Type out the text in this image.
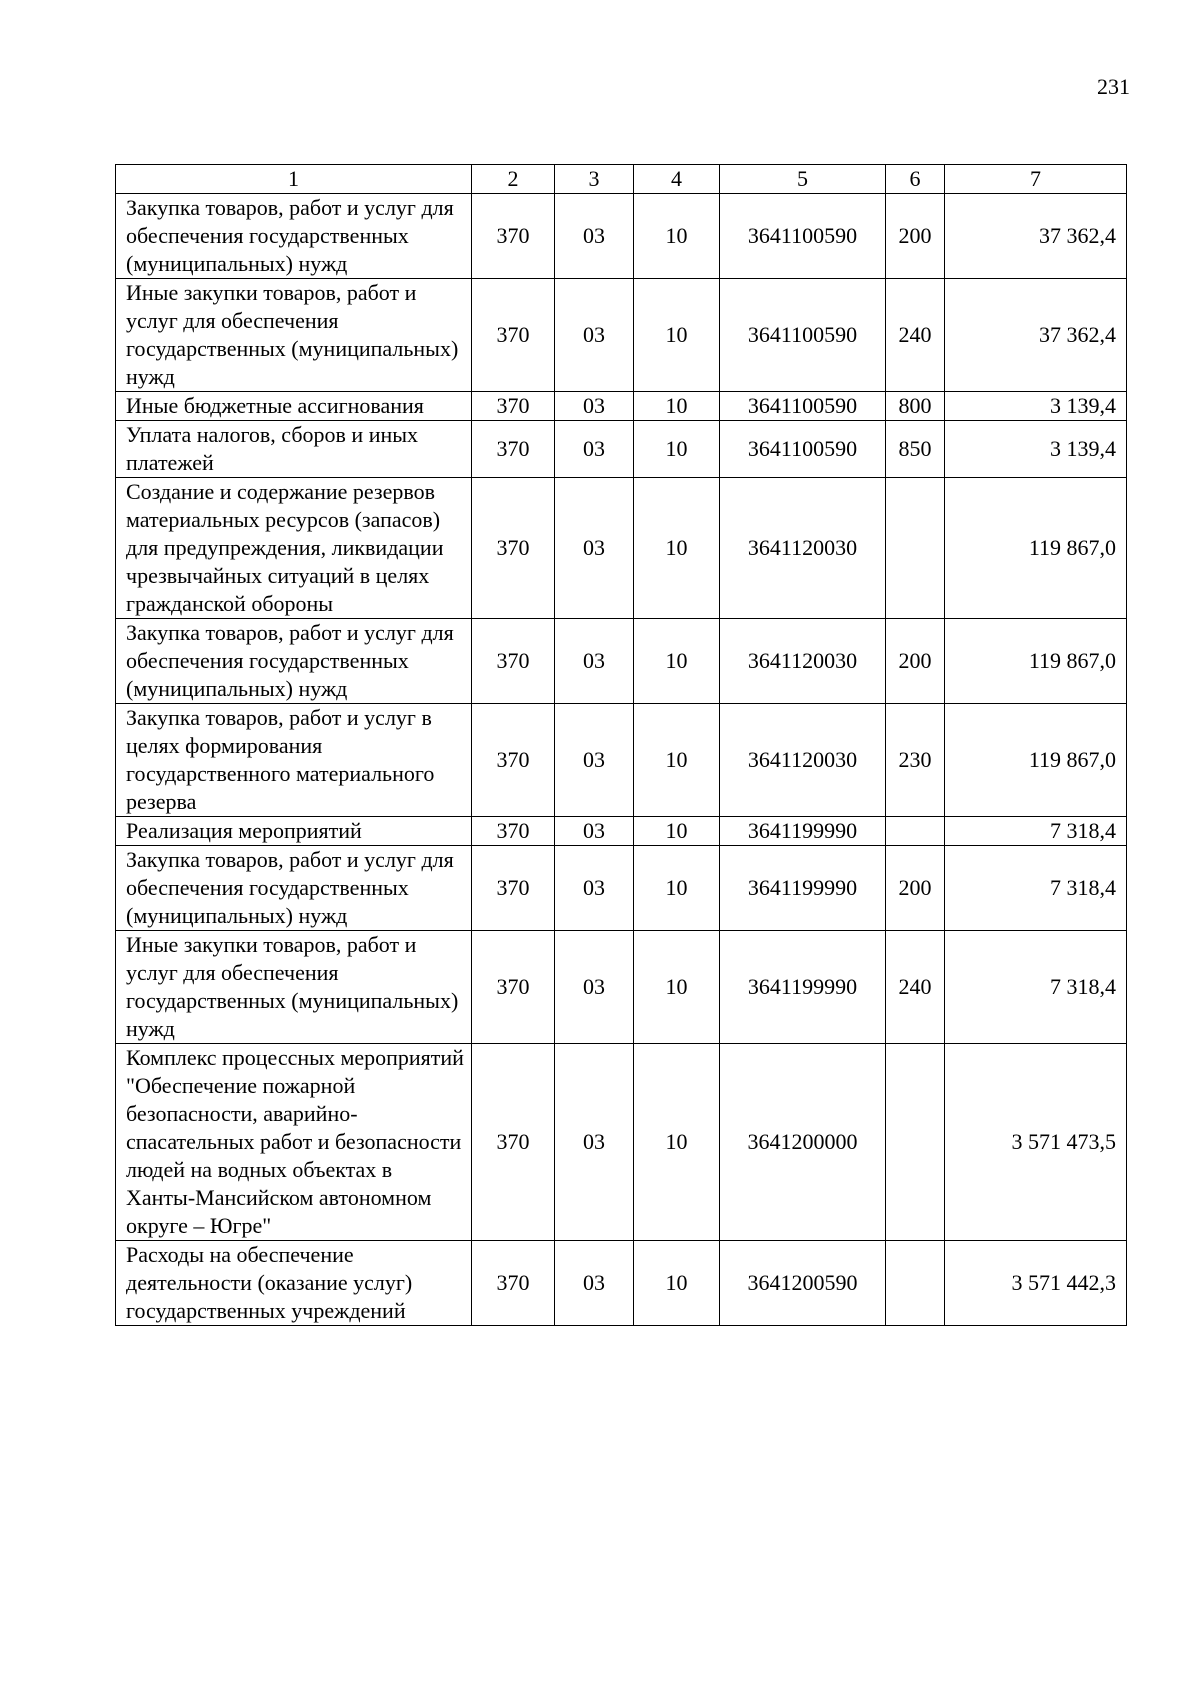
231
1	2	3	4	5	6	7
Закупка товаров, работ и услуг для обеспечения государственных (муниципальных) нужд	370	03	10	3641100590	200	37 362,4
Иные закупки товаров, работ и услуг для обеспечения государственных (муниципальных) нужд	370	03	10	3641100590	240	37 362,4
Иные бюджетные ассигнования	370	03	10	3641100590	800	3 139,4
Уплата налогов, сборов и иных платежей	370	03	10	3641100590	850	3 139,4
Создание и содержание резервов материальных ресурсов (запасов) для предупреждения, ликвидации чрезвычайных ситуаций в целях гражданской обороны	370	03	10	3641120030		119 867,0
Закупка товаров, работ и услуг для обеспечения государственных (муниципальных) нужд	370	03	10	3641120030	200	119 867,0
Закупка товаров, работ и услуг в целях формирования государственного материального резерва	370	03	10	3641120030	230	119 867,0
Реализация мероприятий	370	03	10	3641199990		7 318,4
Закупка товаров, работ и услуг для обеспечения государственных (муниципальных) нужд	370	03	10	3641199990	200	7 318,4
Иные закупки товаров, работ и услуг для обеспечения государственных (муниципальных) нужд	370	03	10	3641199990	240	7 318,4
Комплекс процессных мероприятий "Обеспечение пожарной безопасности, аварийно-спасательных работ и безопасности людей на водных объектах в Ханты-Мансийском автономном округе – Югре"	370	03	10	3641200000		3 571 473,5
Расходы на обеспечение деятельности (оказание услуг) государственных учреждений	370	03	10	3641200590		3 571 442,3
